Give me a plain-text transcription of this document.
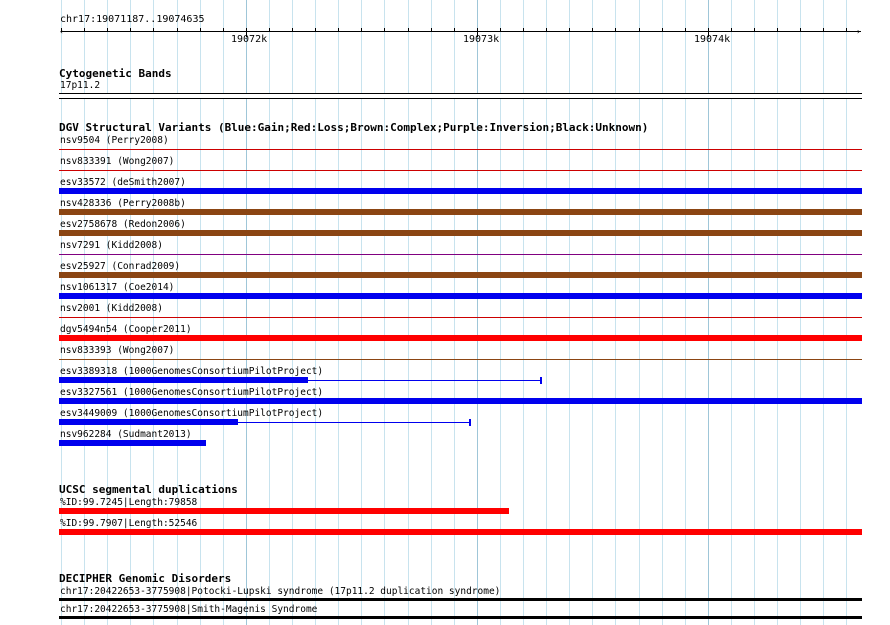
chr17:19071187..19074635
‹	›
19072k	19073k	19074k
Cytogenetic Bands
17p11.2
DGV Structural Variants (Blue:Gain;Red:Loss;Brown:Complex;Purple:Inversion;Black:Unknown)
nsv9504 (Perry2008)
nsv833391 (Wong2007)
esv33572 (deSmith2007)
nsv428336 (Perry2008b)
esv2758678 (Redon2006)
nsv7291 (Kidd2008)
esv25927 (Conrad2009)
nsv1061317 (Coe2014)
nsv2001 (Kidd2008)
dgv5494n54 (Cooper2011)
nsv833393 (Wong2007)
esv3389318 (1000GenomesConsortiumPilotProject)
esv3327561 (1000GenomesConsortiumPilotProject)
esv3449009 (1000GenomesConsortiumPilotProject)
nsv962284 (Sudmant2013)
UCSC segmental duplications
%ID:99.7245|Length:79858
%ID:99.7907|Length:52546
DECIPHER Genomic Disorders
chr17:20422653-3775908|Potocki-Lupski syndrome (17p11.2 duplication syndrome)
chr17:20422653-3775908|Smith-Magenis Syndrome
